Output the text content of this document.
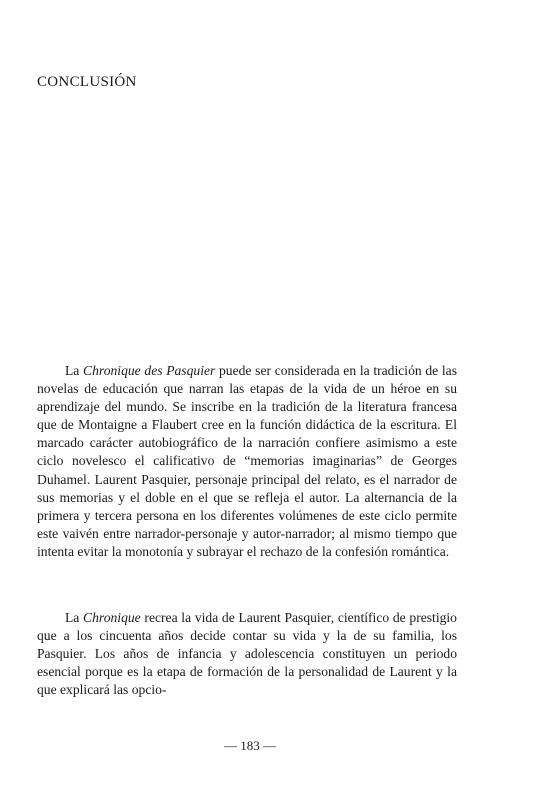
CONCLUSIÓN

La Chronique des Pasquier puede ser considerada en la tradición de las novelas de educación que narran las etapas de la vida de un héroe en su aprendizaje del mundo. Se inscribe en la tradición de la literatura francesa que de Montaigne a Flaubert cree en la función didáctica de la escritura. El marcado carácter autobiográfico de la narración confiere asimismo a este ciclo novelesco el calificativo de “memorias imaginarias” de Georges Duhamel. Laurent Pasquier, personaje principal del relato, es el narrador de sus memorias y el doble en el que se refleja el autor. La alternancia de la primera y tercera persona en los diferentes volúmenes de este ciclo permite este vaivén entre narrador-personaje y autor-narrador; al mismo tiempo que intenta evitar la monotonía y subrayar el rechazo de la confesión romántica.

La Chronique recrea la vida de Laurent Pasquier, científico de prestigio que a los cincuenta años decide contar su vida y la de su familia, los Pasquier. Los años de infancia y adolescencia constituyen un periodo esencial porque es la etapa de formación de la personalidad de Laurent y la que explicará las opcio-

— 183 —
